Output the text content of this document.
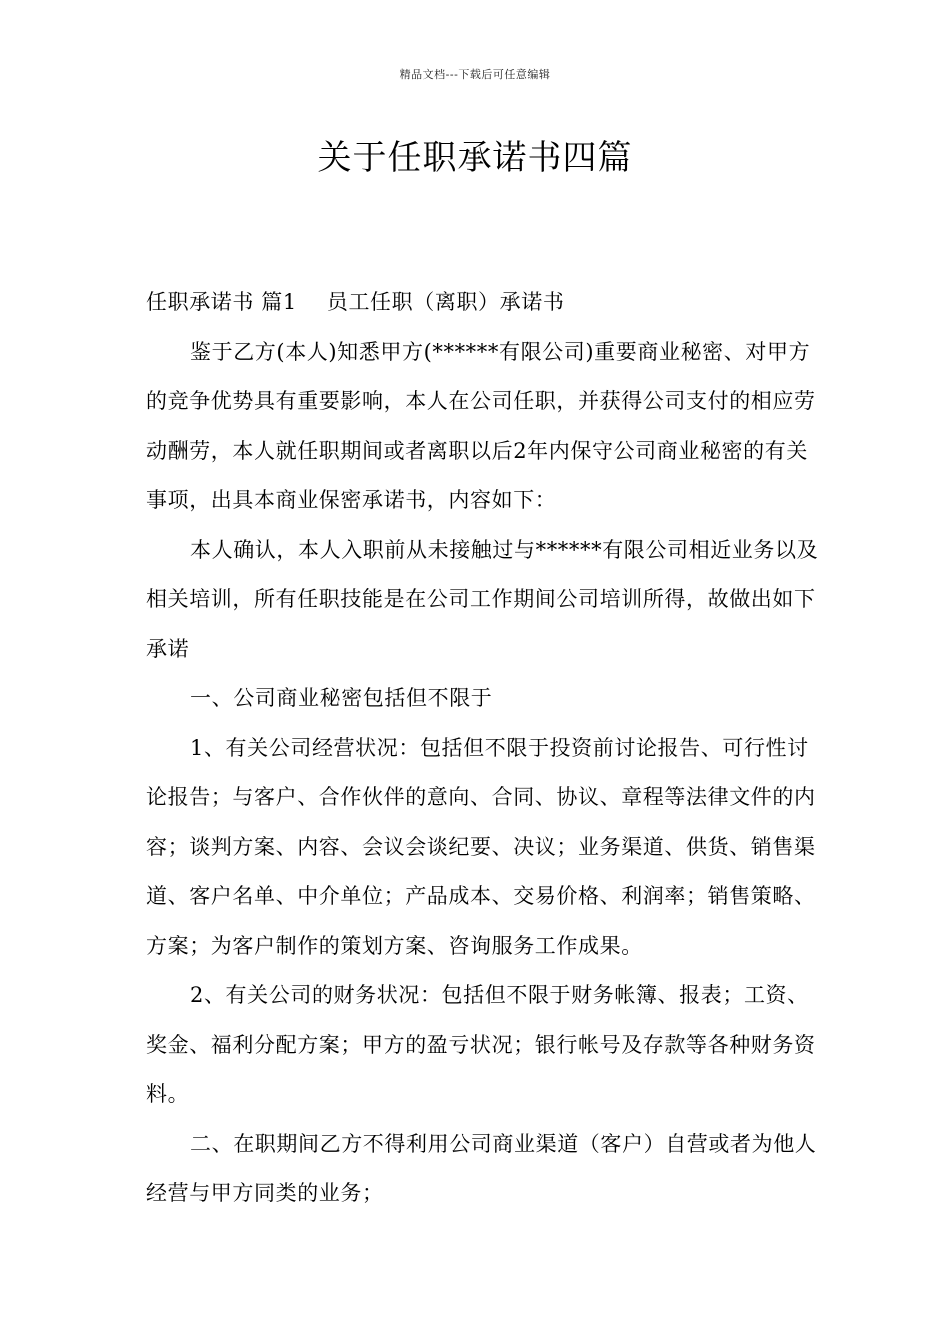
精品文档---下载后可任意编辑
关于任职承诺书四篇

任职承诺书 篇1 员工任职（离职）承诺书

鉴于乙方(本人)知悉甲方(******有限公司)重要商业秘密、对甲方的竞争优势具有重要影响，本人在公司任职，并获得公司支付的相应劳动酬劳，本人就任职期间或者离职以后2年内保守公司商业秘密的有关事项，出具本商业保密承诺书，内容如下：

本人确认，本人入职前从未接触过与******有限公司相近业务以及相关培训，所有任职技能是在公司工作期间公司培训所得，故做出如下承诺

一、公司商业秘密包括但不限于

1、有关公司经营状况：包括但不限于投资前讨论报告、可行性讨论报告；与客户、合作伙伴的意向、合同、协议、章程等法律文件的内容；谈判方案、内容、会议会谈纪要、决议；业务渠道、供货、销售渠道、客户名单、中介单位；产品成本、交易价格、利润率；销售策略、方案；为客户制作的策划方案、咨询服务工作成果。

2、有关公司的财务状况：包括但不限于财务帐簿、报表；工资、奖金、福利分配方案；甲方的盈亏状况；银行帐号及存款等各种财务资料。

二、在职期间乙方不得利用公司商业渠道（客户）自营或者为他人经营与甲方同类的业务；
